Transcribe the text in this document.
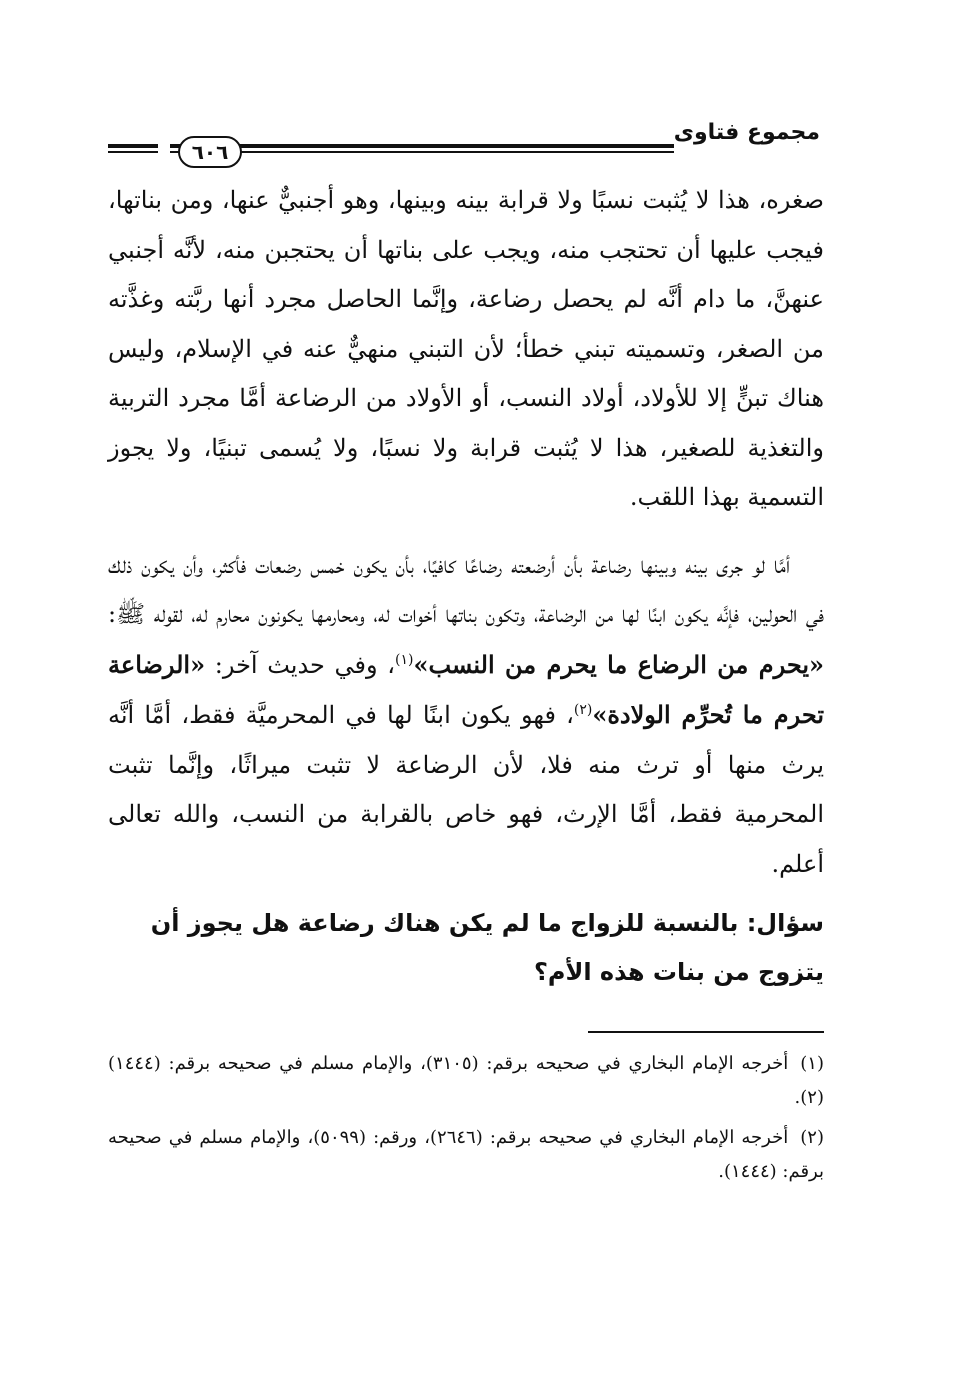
مجموع فتاوى
٦٠٦

صغره، هذا لا يُثبت نسبًا ولا قرابة بينه وبينها، وهو أجنبيٌّ عنها، ومن بناتها، فيجب عليها أن تحتجب منه، ويجب على بناتها أن يحتجبن منه، لأنَّه أجنبي عنهنَّ، ما دام أنَّه لم يحصل رضاعة، وإنَّما الحاصل مجرد أنها ربَّته وغذَّته من الصغر، وتسميته تبني خطأ؛ لأن التبني منهيٌّ عنه في الإسلام، وليس هناك تبنٍّ إلا للأولاد، أولاد النسب، أو الأولاد من الرضاعة أمَّا مجرد التربية والتغذية للصغير، هذا لا يُثبت قرابة ولا نسبًا، ولا يُسمى تبنيًا، ولا يجوز التسمية بهذا اللقب.

أمَّا لو جرى بينه وبينها رضاعة بأن أرضعته رضاعًا كافيًا، بأن يكون خمس رضعات فأكثر، وأن يكون ذلك في الحولين، فإنَّه يكون ابنًا لها من الرضاعة، وتكون بناتها أخوات له، ومحارمها يكونون محارم له، لقوله ﷺ: «يحرم من الرضاع ما يحرم من النسب»$^{(١)}$، وفي حديث آخر: «الرضاعة تحرم ما تُحرِّم الولادة»$^{(٢)}$، فهو يكون ابنًا لها في المحرميَّة فقط، أمَّا أنَّه يرث منها أو ترث منه فلا، لأن الرضاعة لا تثبت ميراثًا، وإنَّما تثبت المحرمية فقط، أمَّا الإرث، فهو خاص بالقرابة من النسب، والله تعالى أعلم.

سؤال: بالنسبة للزواج ما لم يكن هناك رضاعة هل يجوز أن يتزوج من بنات هذه الأم؟

(١)أخرجه الإمام البخاري في صحيحه برقم: (٣١٠٥)، والإمام مسلم في صحيحه برقم: (١٤٤٤) (٢).

(٢)أخرجه الإمام البخاري في صحيحه برقم: (٢٦٤٦)، ورقم: (٥٠٩٩)، والإمام مسلم في صحيحه برقم: (١٤٤٤).
